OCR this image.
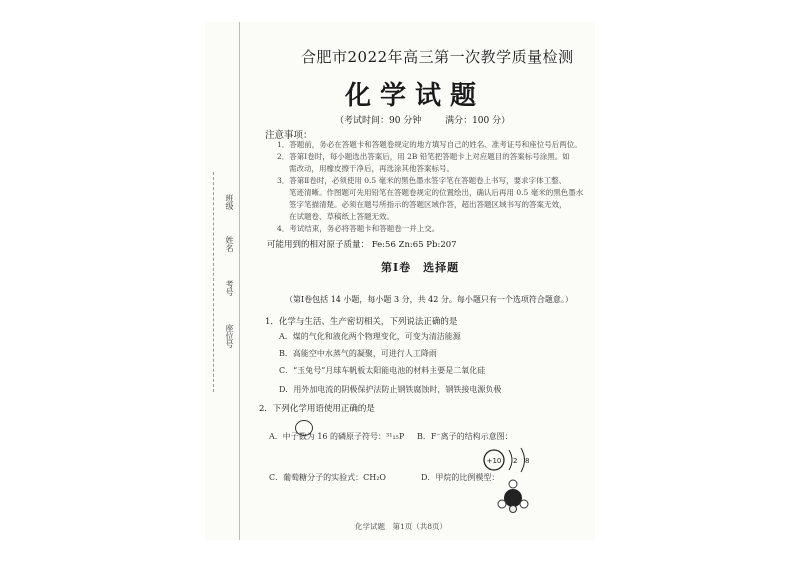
班级
姓名
考号
座位号
合肥市2022年高三第一次教学质量检测
化学试题
（考试时间：90 分钟	满分：100 分）
注意事项：
1．答题前，务必在答题卡和答题卷规定的地方填写自己的姓名、准考证号和座位号后两位。
2．答第Ⅰ卷时，每小题选出答案后，用 2B 铅笔把答题卡上对应题目的答案标号涂黑。如
需改动，用橡皮擦干净后，再选涂其他答案标号。
3．答第Ⅱ卷时，必须使用 0.5 毫米的黑色墨水签字笔在答题卷上书写，要求字体工整、
笔迹清晰。作图题可先用铅笔在答题卷规定的位置绘出，确认后再用 0.5 毫米的黑色墨水
签字笔描清楚。必须在题号所指示的答题区域作答，超出答题区域书写的答案无效，
在试题卷、草稿纸上答题无效。
4．考试结束，务必将答题卡和答题卷一并上交。
可能用到的相对原子质量： Fe:56 Zn:65 Pb:207
第Ⅰ卷　选择题
（第Ⅰ卷包括 14 小题，每小题 3 分，共 42 分。每小题只有一个选项符合题意。）
1．化学与生活、生产密切相关，下列说法正确的是
A．煤的气化和液化两个物理变化，可变为清洁能源
B．高能空中水蒸气的凝聚，可进行人工降雨
C．“玉兔号”月球车帆板太阳能电池的材料主要是二氧化硅
D．用外加电流的阴极保护法防止钢铁腐蚀时，钢铁接电源负极
2．下列化学用语使用正确的是
A．中子数为 16 的磷原子符号：³¹₁₅P B．F⁻离子的结构示意图：
+10 2 8
C．葡萄糖分子的实验式：CH₂O	D．甲烷的比例模型：
化学试题　第1页（共8页）
